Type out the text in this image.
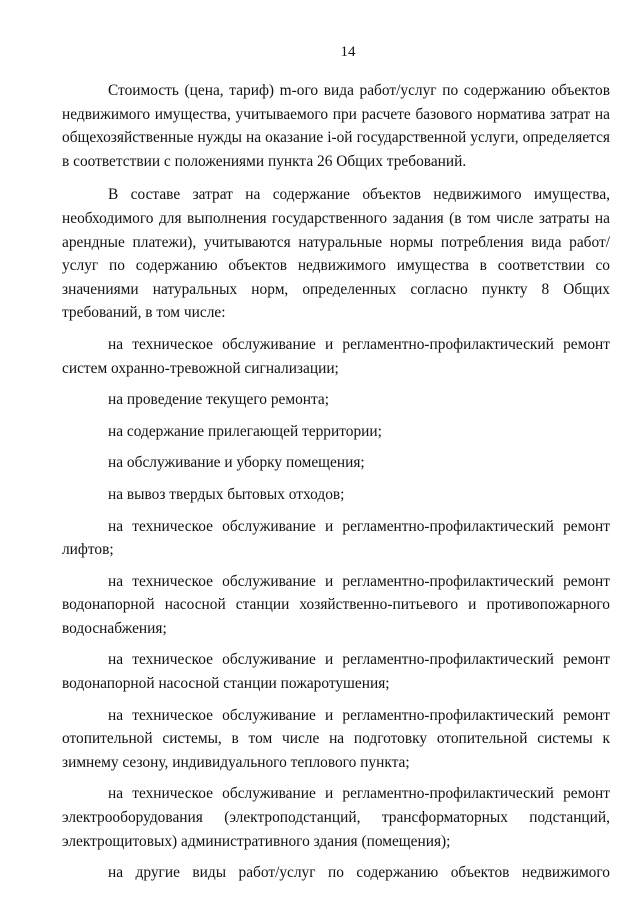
14

Стоимость (цена, тариф) m-ого вида работ/услуг по содержанию объектов недвижимого имущества, учитываемого при расчете базового норматива затрат на общехозяйственные нужды на оказание i-ой государственной услуги, определяется в соответствии с положениями пункта 26 Общих требований.

В составе затрат на содержание объектов недвижимого имущества, необходимого для выполнения государственного задания (в том числе затраты на арендные платежи), учитываются натуральные нормы потребления вида работ/услуг по содержанию объектов недвижимого имущества в соответствии со значениями натуральных норм, определенных согласно пункту 8 Общих требований, в том числе:

на техническое обслуживание и регламентно-профилактический ремонт систем охранно-тревожной сигнализации;

на проведение текущего ремонта;

на содержание прилегающей территории;

на обслуживание и уборку помещения;

на вывоз твердых бытовых отходов;

на техническое обслуживание и регламентно-профилактический ремонт лифтов;

на техническое обслуживание и регламентно-профилактический ремонт водонапорной насосной станции хозяйственно-питьевого и противопожарного водоснабжения;

на техническое обслуживание и регламентно-профилактический ремонт водонапорной насосной станции пожаротушения;

на техническое обслуживание и регламентно-профилактический ремонт отопительной системы, в том числе на подготовку отопительной системы к зимнему сезону, индивидуального теплового пункта;

на техническое обслуживание и регламентно-профилактический ремонт электрооборудования (электроподстанций, трансформаторных подстанций, электрощитовых) административного здания (помещения);

на другие виды работ/услуг по содержанию объектов недвижимого
